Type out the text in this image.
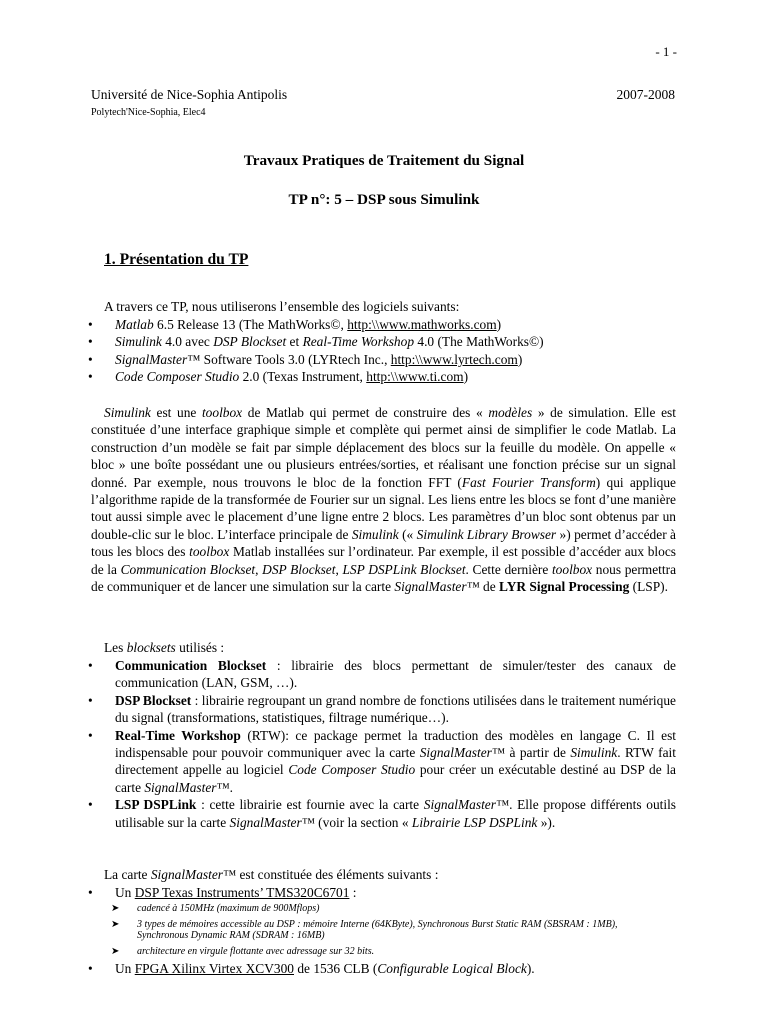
- 1 -
Université de Nice-Sophia Antipolis	2007-2008
Polytech'Nice-Sophia, Elec4
Travaux Pratiques de Traitement du Signal
TP n°: 5 – DSP sous Simulink
1. Présentation du TP
A travers ce TP, nous utiliserons l’ensemble des logiciels suivants:
• Matlab 6.5 Release 13 (The MathWorks©, http:\\www.mathworks.com)
• Simulink 4.0 avec DSP Blockset et Real-Time Workshop 4.0 (The MathWorks©)
• SignalMaster™ Software Tools 3.0 (LYRtech Inc., http:\\www.lyrtech.com)
• Code Composer Studio 2.0 (Texas Instrument, http:\\www.ti.com)
Simulink est une toolbox de Matlab qui permet de construire des « modèles » de simulation. Elle est constituée d’une interface graphique simple et complète qui permet ainsi de simplifier le code Matlab. La construction d’un modèle se fait par simple déplacement des blocs sur la feuille du modèle. On appelle « bloc » une boîte possédant une ou plusieurs entrées/sorties, et réalisant une fonction précise sur un signal donné. Par exemple, nous trouvons le bloc de la fonction FFT (Fast Fourier Transform) qui applique l’algorithme rapide de la transformée de Fourier sur un signal. Les liens entre les blocs se font d’une manière tout aussi simple avec le placement d’une ligne entre 2 blocs. Les paramètres d’un bloc sont obtenus par un double-clic sur le bloc. L’interface principale de Simulink (« Simulink Library Browser ») permet d’accéder à tous les blocs des toolbox Matlab installées sur l’ordinateur. Par exemple, il est possible d’accéder aux blocs de la Communication Blockset, DSP Blockset, LSP DSPLink Blockset. Cette dernière toolbox nous permettra de communiquer et de lancer une simulation sur la carte SignalMaster™ de LYR Signal Processing (LSP).
Les blocksets utilisés :
• Communication Blockset : librairie des blocs permettant de simuler/tester des canaux de communication (LAN, GSM, …).
• DSP Blockset : librairie regroupant un grand nombre de fonctions utilisées dans le traitement numérique du signal (transformations, statistiques, filtrage numérique…).
• Real-Time Workshop (RTW): ce package permet la traduction des modèles en langage C. Il est indispensable pour pouvoir communiquer avec la carte SignalMaster™ à partir de Simulink. RTW fait directement appelle au logiciel Code Composer Studio pour créer un exécutable destiné au DSP de la carte SignalMaster™.
• LSP DSPLink : cette librairie est fournie avec la carte SignalMaster™. Elle propose différents outils utilisable sur la carte SignalMaster™ (voir la section « Librairie LSP DSPLink »).
La carte SignalMaster™ est constituée des éléments suivants :
• Un DSP Texas Instruments’ TMS320C6701 :
➤ cadencé à 150MHz (maximum de 900Mflops)
➤ 3 types de mémoires accessible au DSP : mémoire Interne (64KByte), Synchronous Burst Static RAM (SBSRAM : 1MB), Synchronous Dynamic RAM (SDRAM : 16MB)
➤ architecture en virgule flottante avec adressage sur 32 bits.
• Un FPGA Xilinx Virtex XCV300 de 1536 CLB (Configurable Logical Block).
